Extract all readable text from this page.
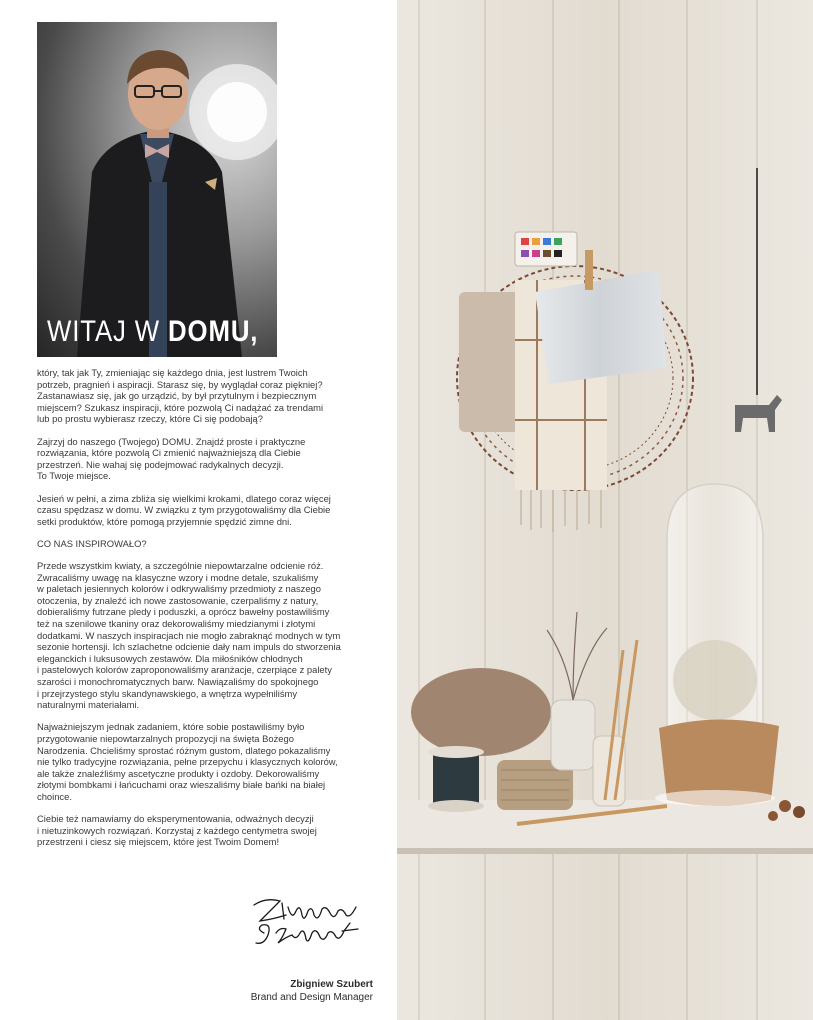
WITAJ W DOMU,

który, tak jak Ty, zmieniając się każdego dnia, jest lustrem Twoich
potrzeb, pragnień i aspiracji. Starasz się, by wyglądał coraz piękniej?
Zastanawiasz się, jak go urządzić, by był przytulnym i bezpiecznym
miejscem? Szukasz inspiracji, które pozwolą Ci nadążać za trendami
lub po prostu wybierasz rzeczy, które Ci się podobają?

Zajrzyj do naszego (Twojego) DOMU. Znajdź proste i praktyczne
rozwiązania, które pozwolą Ci zmienić najważniejszą dla Ciebie
przestrzeń. Nie wahaj się podejmować radykalnych decyzji.
To Twoje miejsce.

Jesień w pełni, a zima zbliża się wielkimi krokami, dlatego coraz więcej
czasu spędzasz w domu. W związku z tym przygotowaliśmy dla Ciebie
setki produktów, które pomogą przyjemnie spędzić zimne dni.

CO NAS INSPIROWAŁO?

Przede wszystkim kwiaty, a szczególnie niepowtarzalne odcienie róż.
Zwracaliśmy uwagę na klasyczne wzory i modne detale, szukaliśmy
w paletach jesiennych kolorów i odkrywaliśmy przedmioty z naszego
otoczenia, by znaleźć ich nowe zastosowanie, czerpaliśmy z natury,
dobieraliśmy futrzane pledy i poduszki, a oprócz bawełny postawiliśmy
też na szenilowe tkaniny oraz dekorowaliśmy miedzianymi i złotymi
dodatkami. W naszych inspiracjach nie mogło zabraknąć modnych w tym
sezonie hortensji. Ich szlachetne odcienie dały nam impuls do stworzenia
eleganckich i luksusowych zestawów. Dla miłośników chłodnych
i pastelowych kolorów zaproponowaliśmy aranżacje, czerpiące z palety
szarości i monochromatycznych barw. Nawiązaliśmy do spokojnego
i przejrzystego stylu skandynawskiego, a wnętrza wypełniliśmy
naturalnymi materiałami.

Najważniejszym jednak zadaniem, które sobie postawiliśmy było
przygotowanie niepowtarzalnych propozycji na święta Bożego
Narodzenia. Chcieliśmy sprostać różnym gustom, dlatego pokazaliśmy
nie tylko tradycyjne rozwiązania, pełne przepychu i klasycznych kolorów,
ale także znaleźliśmy ascetyczne produkty i ozdoby. Dekorowaliśmy
złotymi bombkami i łańcuchami oraz wieszaliśmy białe bańki na białej
choince.

Ciebie też namawiamy do eksperymentowania, odważnych decyzji
i nietuzinkowych rozwiązań. Korzystaj z każdego centymetra swojej
przestrzeni i ciesz się miejscem, które jest Twoim Domem!

Zbigniew Szubert
Brand and Design Manager
